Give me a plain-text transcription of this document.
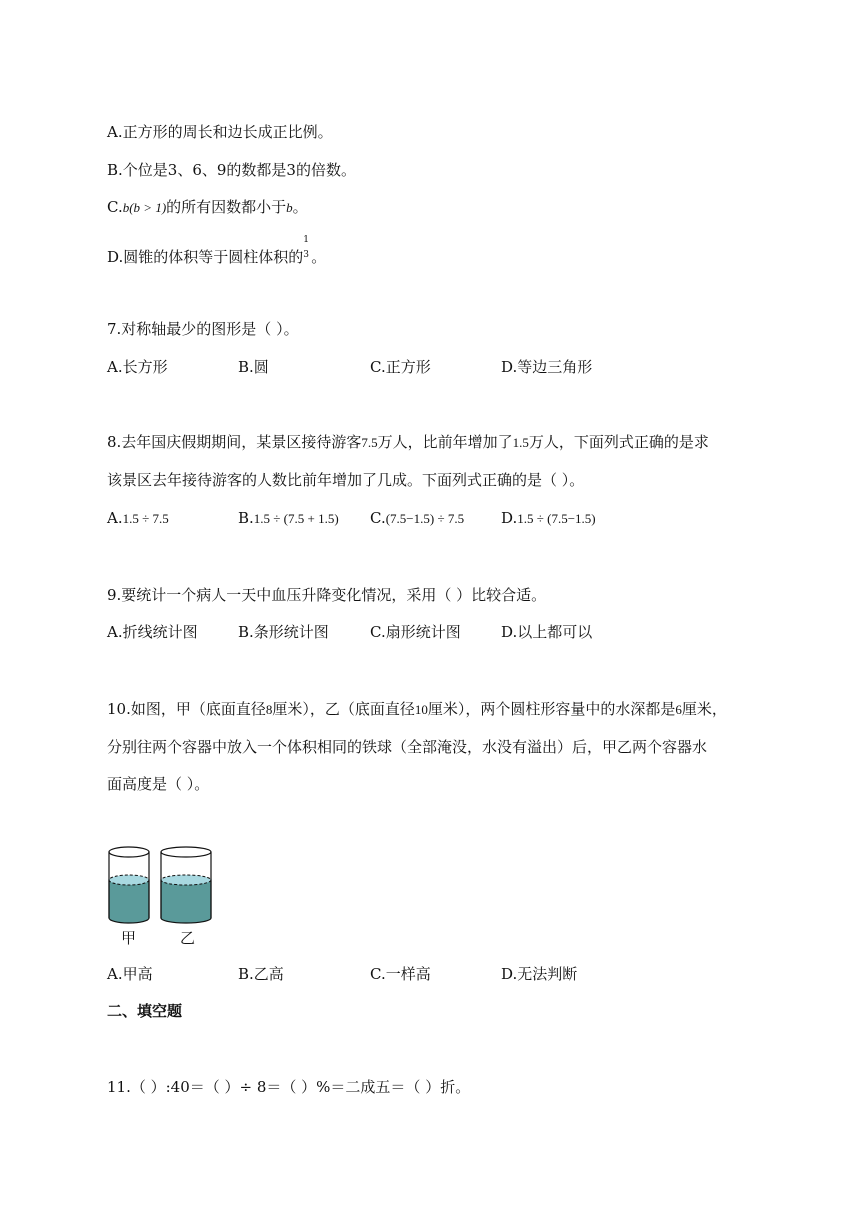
A.正方形的周长和边长成正比例。
B.个位是3、6、9的数都是3的倍数。
C.b(b > 1)的所有因数都小于b。
D.圆锥的体积等于圆柱体积的
1
3 。
7.对称轴最少的图形是（ ）。
A.长方形	B.圆	C.正方形	D.等边三角形
8.去年国庆假期期间，某景区接待游客7.5万人，比前年增加了1.5万人，下面列式正确的是求
该景区去年接待游客的人数比前年增加了几成。下面列式正确的是（ ）。
A.1.5 ÷ 7.5	B.1.5 ÷ (7.5 + 1.5) C.(7.5−1.5) ÷ 7.5 D.1.5 ÷ (7.5−1.5)
9.要统计一个病人一天中血压升降变化情况，采用（ ）比较合适。
A.折线统计图	B.条形统计图	C.扇形统计图	D.以上都可以
10.如图，甲（底面直径8厘米），乙（底面直径10厘米），两个圆柱形容量中的水深都是6厘米，
分别往两个容器中放入一个体积相同的铁球（全部淹没，水没有溢出）后，甲乙两个容器水
面高度是（ ）。
甲	乙
A.甲高	B.乙高	C.一样高	D.无法判断
二、填空题
11.（ ）:40＝（ ）÷ 8＝（ ）%＝二成五＝（ ）折。
